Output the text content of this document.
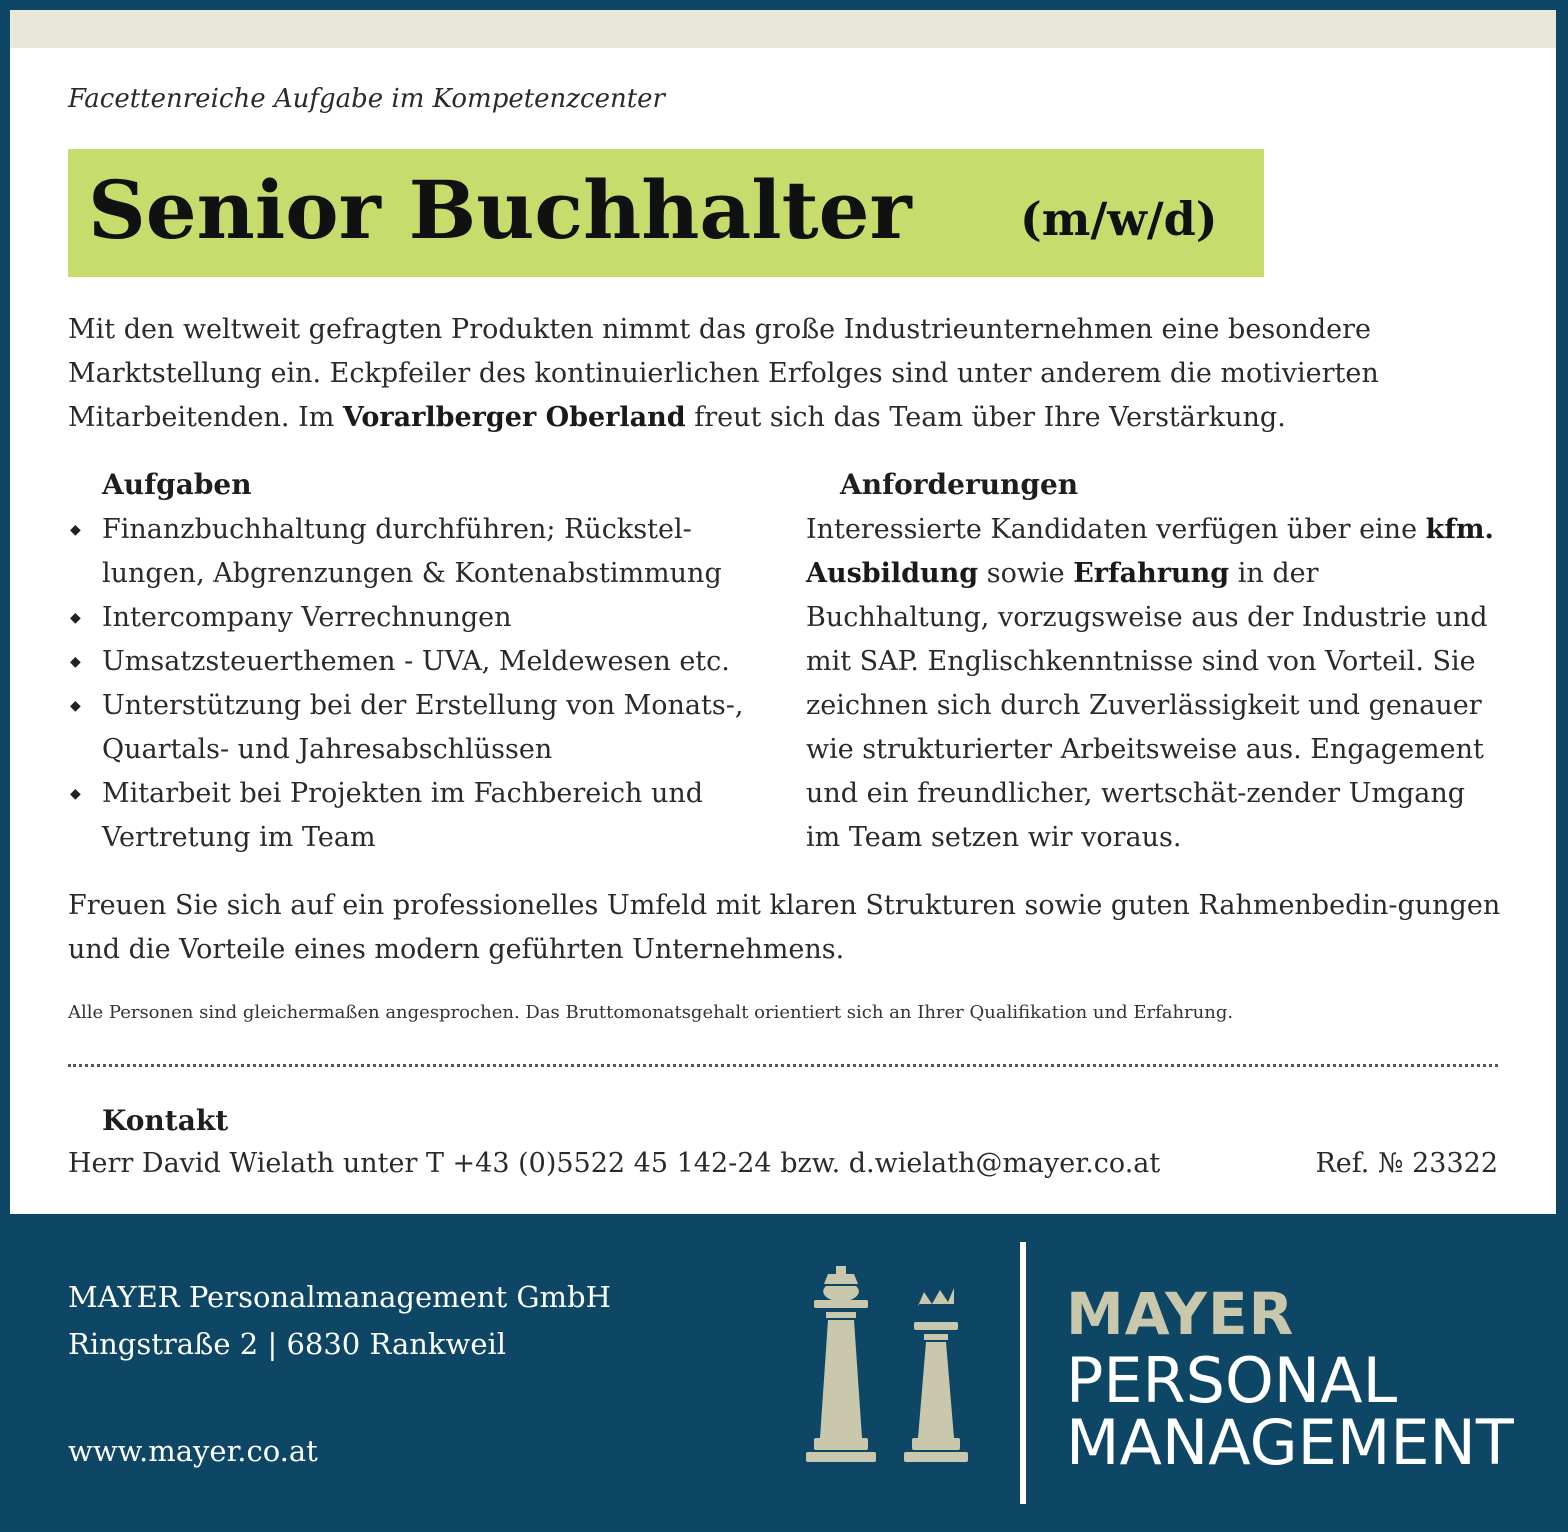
Facettenreiche Aufgabe im Kompetenzcenter
Senior Buchhalter (m/w/d)
Mit den weltweit gefragten Produkten nimmt das große Industrieunternehmen eine besondere Marktstellung ein. Eckpfeiler des kontinuierlichen Erfolges sind unter anderem die motivierten Mitarbeitenden. Im Vorarlberger Oberland freut sich das Team über Ihre Verstärkung.
Aufgaben
◆ Finanzbuchhaltung durchführen; Rückstel-lungen, Abgrenzungen & Kontenabstimmung
◆ Intercompany Verrechnungen
◆ Umsatzsteuerthemen - UVA, Meldewesen etc.
◆ Unterstützung bei der Erstellung von Monats-, Quartals- und Jahresabschlüssen
◆ Mitarbeit bei Projekten im Fachbereich und Vertretung im Team
Anforderungen
Interessierte Kandidaten verfügen über eine kfm. Ausbildung sowie Erfahrung in der Buchhaltung, vorzugsweise aus der Industrie und mit SAP. Englischkenntnisse sind von Vorteil. Sie zeichnen sich durch Zuverlässigkeit und genauer wie strukturierter Arbeitsweise aus. Engagement und ein freundlicher, wertschät-zender Umgang im Team setzen wir voraus.
Freuen Sie sich auf ein professionelles Umfeld mit klaren Strukturen sowie guten Rahmenbedin-gungen und die Vorteile eines modern geführten Unternehmens.
Alle Personen sind gleichermaßen angesprochen. Das Bruttomonatsgehalt orientiert sich an Ihrer Qualifikation und Erfahrung.
Kontakt
Herr David Wielath unter T +43 (0)5522 45 142-24 bzw. d.wielath@mayer.co.at	Ref. № 23322
MAYER Personalmanagement GmbH
Ringstraße 2 | 6830 Rankweil
www.mayer.co.at
MAYER
PERSONAL
MANAGEMENT
